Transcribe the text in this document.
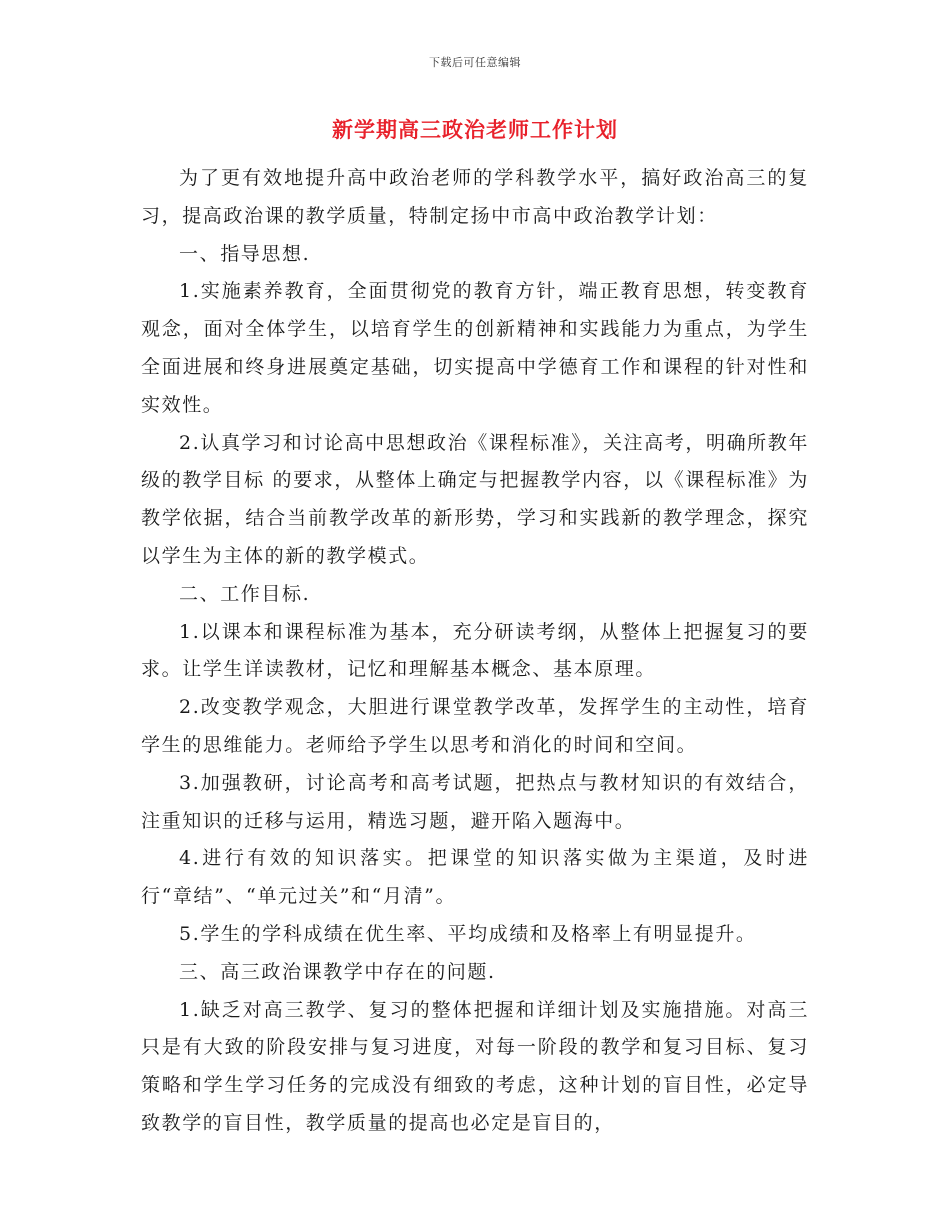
下载后可任意编辑
新学期高三政治老师工作计划

为了更有效地提升高中政治老师的学科教学水平，搞好政治高三的复习，提高政治课的教学质量，特制定扬中市高中政治教学计划：

一、指导思想.

1.实施素养教育，全面贯彻党的教育方针，端正教育思想，转变教育观念，面对全体学生，以培育学生的创新精神和实践能力为重点，为学生全面进展和终身进展奠定基础，切实提高中学德育工作和课程的针对性和实效性。

2.认真学习和讨论高中思想政治《课程标准》，关注高考，明确所教年级的教学目标 的要求，从整体上确定与把握教学内容，以《课程标准》为教学依据，结合当前教学改革的新形势，学习和实践新的教学理念，探究以学生为主体的新的教学模式。

二、工作目标.

1.以课本和课程标准为基本，充分研读考纲，从整体上把握复习的要求。让学生详读教材，记忆和理解基本概念、基本原理。

2.改变教学观念，大胆进行课堂教学改革，发挥学生的主动性，培育学生的思维能力。老师给予学生以思考和消化的时间和空间。

3.加强教研，讨论高考和高考试题，把热点与教材知识的有效结合，注重知识的迁移与运用，精选习题，避开陷入题海中。

4.进行有效的知识落实。把课堂的知识落实做为主渠道，及时进行“章结”、“单元过关”和“月清”。

5.学生的学科成绩在优生率、平均成绩和及格率上有明显提升。

三、高三政治课教学中存在的问题.

1.缺乏对高三教学、复习的整体把握和详细计划及实施措施。对高三只是有大致的阶段安排与复习进度，对每一阶段的教学和复习目标、复习策略和学生学习任务的完成没有细致的考虑，这种计划的盲目性，必定导致教学的盲目性，教学质量的提高也必定是盲目的，
